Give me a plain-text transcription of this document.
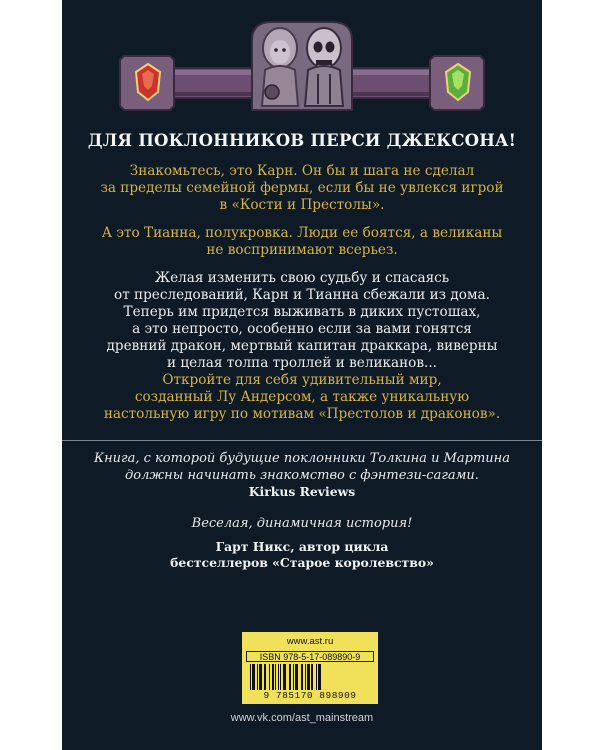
ДЛЯ ПОКЛОННИКОВ ПЕРСИ ДЖЕКСОНА!
Знакомьтесь, это Карн. Он бы и шага не сделал
за пределы семейной фермы, если бы не увлекся игрой
в «Кости и Престолы».
А это Тианна, полукровка. Люди ее боятся, а великаны
не воспринимают всерьез.
Желая изменить свою судьбу и спасаясь
от преследований, Карн и Тианна сбежали из дома.
Теперь им придется выживать в диких пустошах,
а это непросто, особенно если за вами гонятся
древний дракон, мертвый капитан драккара, виверны
и целая толпа троллей и великанов...
Откройте для себя удивительный мир,
созданный Лу Андерсом, а также уникальную
настольную игру по мотивам «Престолов и драконов».
Книга, с которой будущие поклонники Толкина и Мартина
должны начинать знакомство с фэнтези-сагами.
Kirkus Reviews
Веселая, динамичная история!
Гарт Никс, автор цикла
бестселлеров «Старое королевство»
www.ast.ru
ISBN 978-5-17-089890-9
9 785170 898909
www.vk.com/ast_mainstream
